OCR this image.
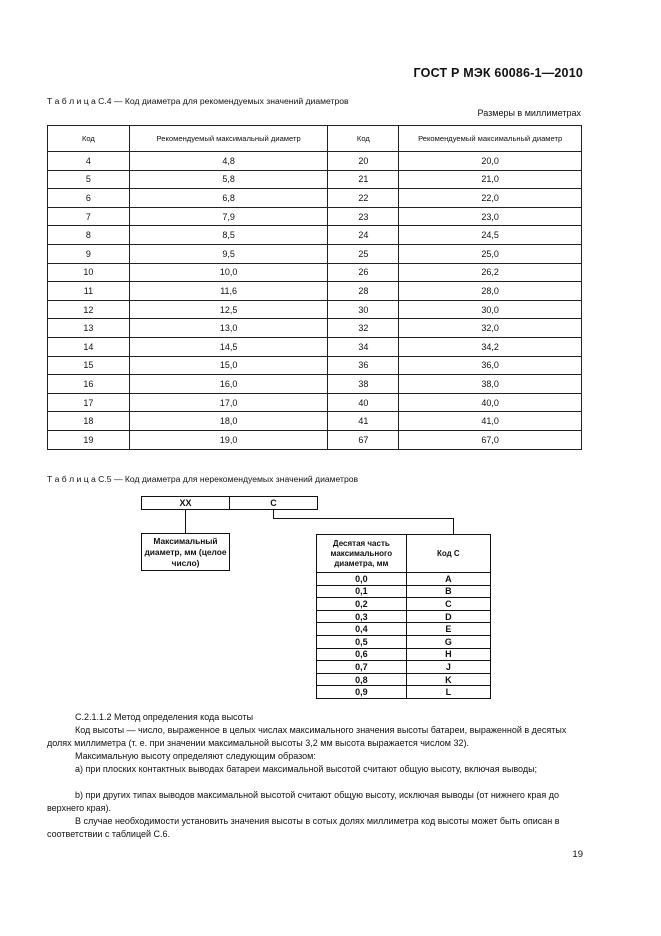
ГОСТ Р МЭК 60086-1—2010
Т а б л и ц а С.4 — Код диаметра для рекомендуемых значений диаметров
Размеры в миллиметрах
Код	Рекомендуемый максимальный диаметр	Код	Рекомендуемый максимальный диаметр
4	4,8	20	20,0
5	5,8	21	21,0
6	6,8	22	22,0
7	7,9	23	23,0
8	8,5	24	24,5
9	9,5	25	25,0
10	10,0	26	26,2
11	11,6	28	28,0
12	12,5	30	30,0
13	13,0	32	32,0
14	14,5	34	34,2
15	15,0	36	36,0
16	16,0	38	38,0
17	17,0	40	40,0
18	18,0	41	41,0
19	19,0	67	67,0
Т а б л и ц а С.5 — Код диаметра для нерекомендуемых значений диаметров
XX	C
Максимальный диаметр, мм (целое число)
Десятая часть максимального диаметра, мм	Код С
0,0	A
0,1	B
0,2	C
0,3	D
0,4	E
0,5	G
0,6	H
0,7	J
0,8	K
0,9	L
С.2.1.1.2 Метод определения кода высоты
Код высоты — число, выраженное в целых числах максимального значения высоты батареи, выраженной в десятых долях миллиметра (т. е. при значении максимальной высоты 3,2 мм высота выражается числом 32).
Максимальную высоту определяют следующим образом:
а) при плоских контактных выводах батареи максимальной высотой считают общую высоту, включая выводы;
b) при других типах выводов максимальной высотой считают общую высоту, исключая выводы (от нижнего края до верхнего края).
В случае необходимости установить значения высоты в сотых долях миллиметра код высоты может быть описан в соответствии с таблицей С.6.
19
